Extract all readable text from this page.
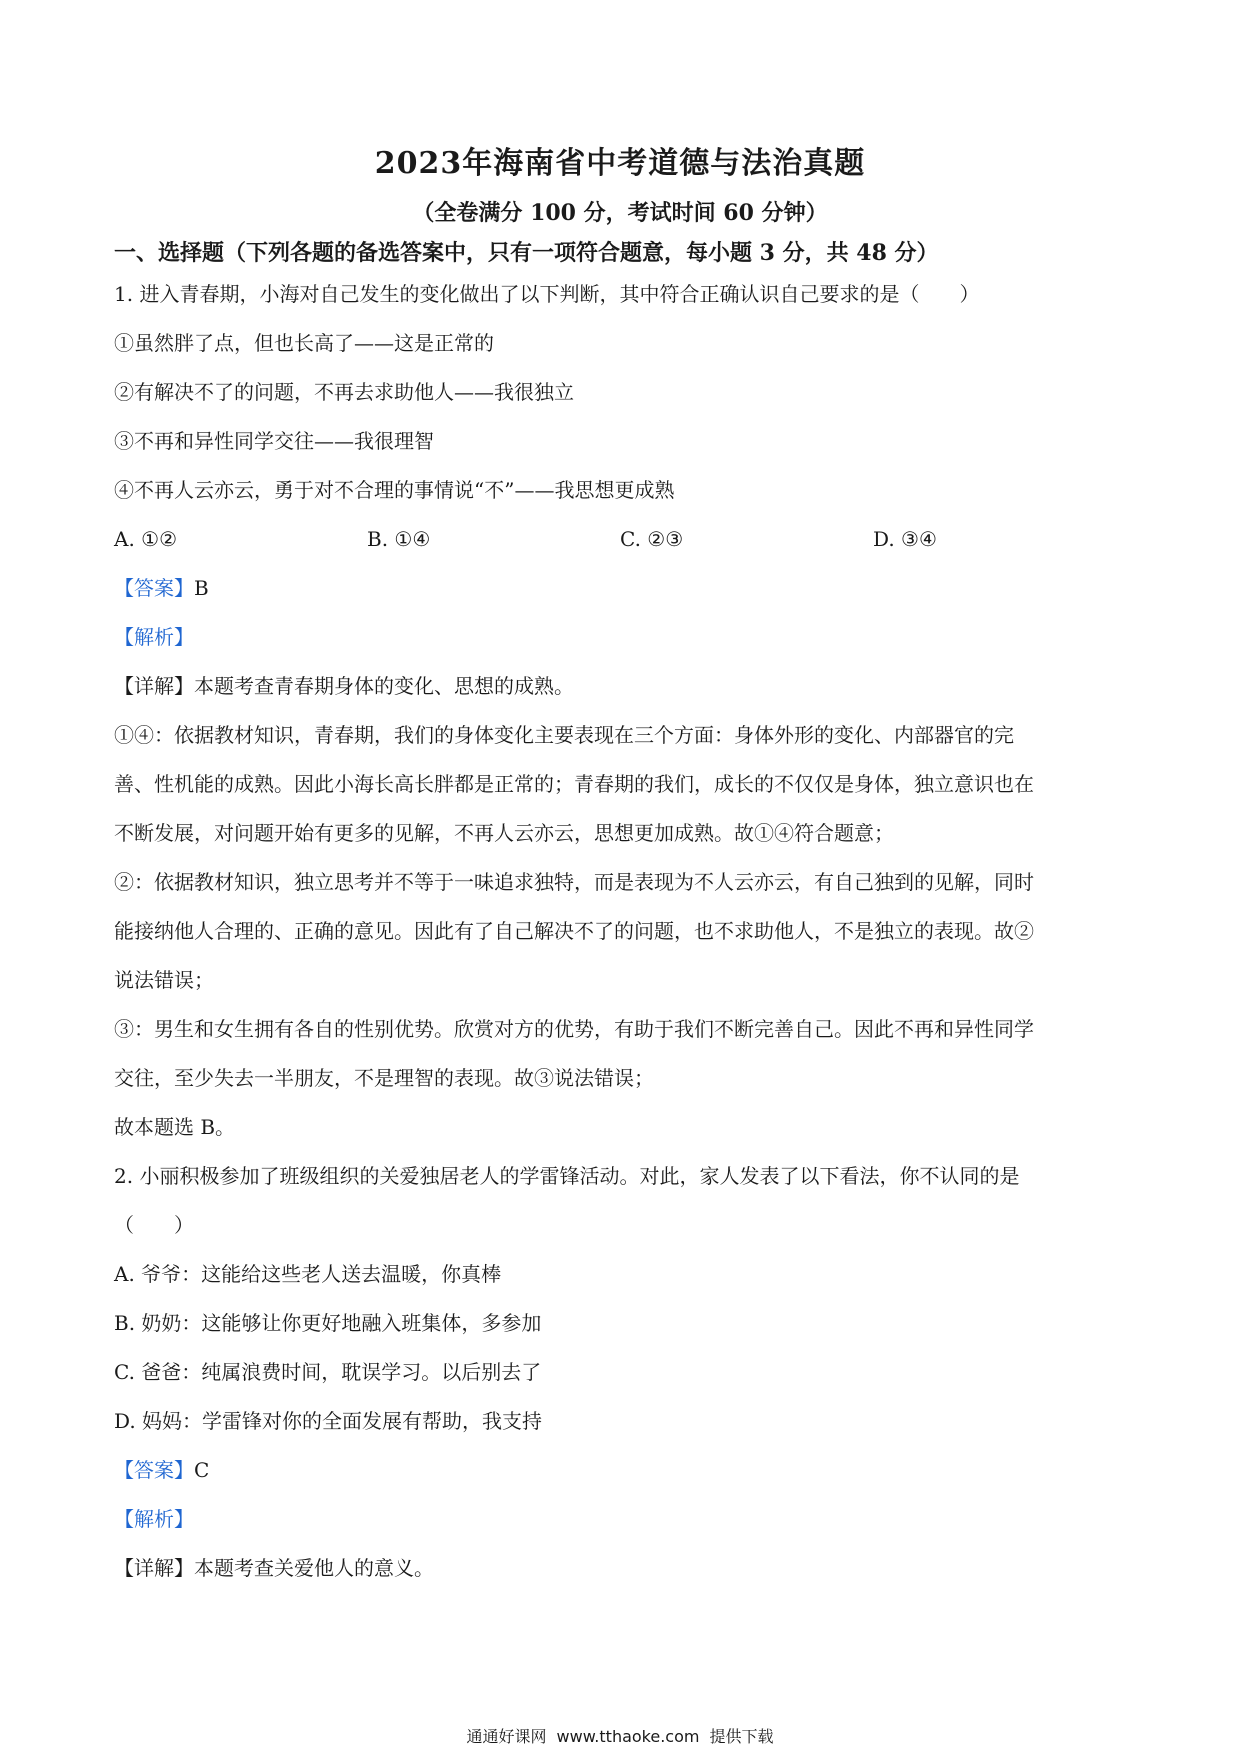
2023年海南省中考道德与法治真题
（全卷满分 100 分，考试时间 60 分钟）
一、选择题（下列各题的备选答案中，只有一项符合题意，每小题 3 分，共 48 分）
1. 进入青春期，小海对自己发生的变化做出了以下判断，其中符合正确认识自己要求的是（　　）
①虽然胖了点，但也长高了——这是正常的
②有解决不了的问题，不再去求助他人——我很独立
③不再和异性同学交往——我很理智
④不再人云亦云，勇于对不合理的事情说“不”——我思想更成熟
A. ①②	B. ①④	C. ②③	D. ③④
【答案】B
【解析】
【详解】本题考查青春期身体的变化、思想的成熟。
①④：依据教材知识，青春期，我们的身体变化主要表现在三个方面：身体外形的变化、内部器官的完
善、性机能的成熟。因此小海长高长胖都是正常的；青春期的我们，成长的不仅仅是身体，独立意识也在
不断发展，对问题开始有更多的见解，不再人云亦云，思想更加成熟。故①④符合题意；
②：依据教材知识，独立思考并不等于一味追求独特，而是表现为不人云亦云，有自己独到的见解，同时
能接纳他人合理的、正确的意见。因此有了自己解决不了的问题，也不求助他人，不是独立的表现。故②
说法错误；
③：男生和女生拥有各自的性别优势。欣赏对方的优势，有助于我们不断完善自己。因此不再和异性同学
交往，至少失去一半朋友，不是理智的表现。故③说法错误；
故本题选 B。
2. 小丽积极参加了班级组织的关爱独居老人的学雷锋活动。对此，家人发表了以下看法，你不认同的是
（　　）
A. 爷爷：这能给这些老人送去温暖，你真棒
B. 奶奶：这能够让你更好地融入班集体，多参加
C. 爸爸：纯属浪费时间，耽误学习。以后别去了
D. 妈妈：学雷锋对你的全面发展有帮助，我支持
【答案】C
【解析】
【详解】本题考查关爱他人的意义。
通通好课网 www.tthaoke.com 提供下载
